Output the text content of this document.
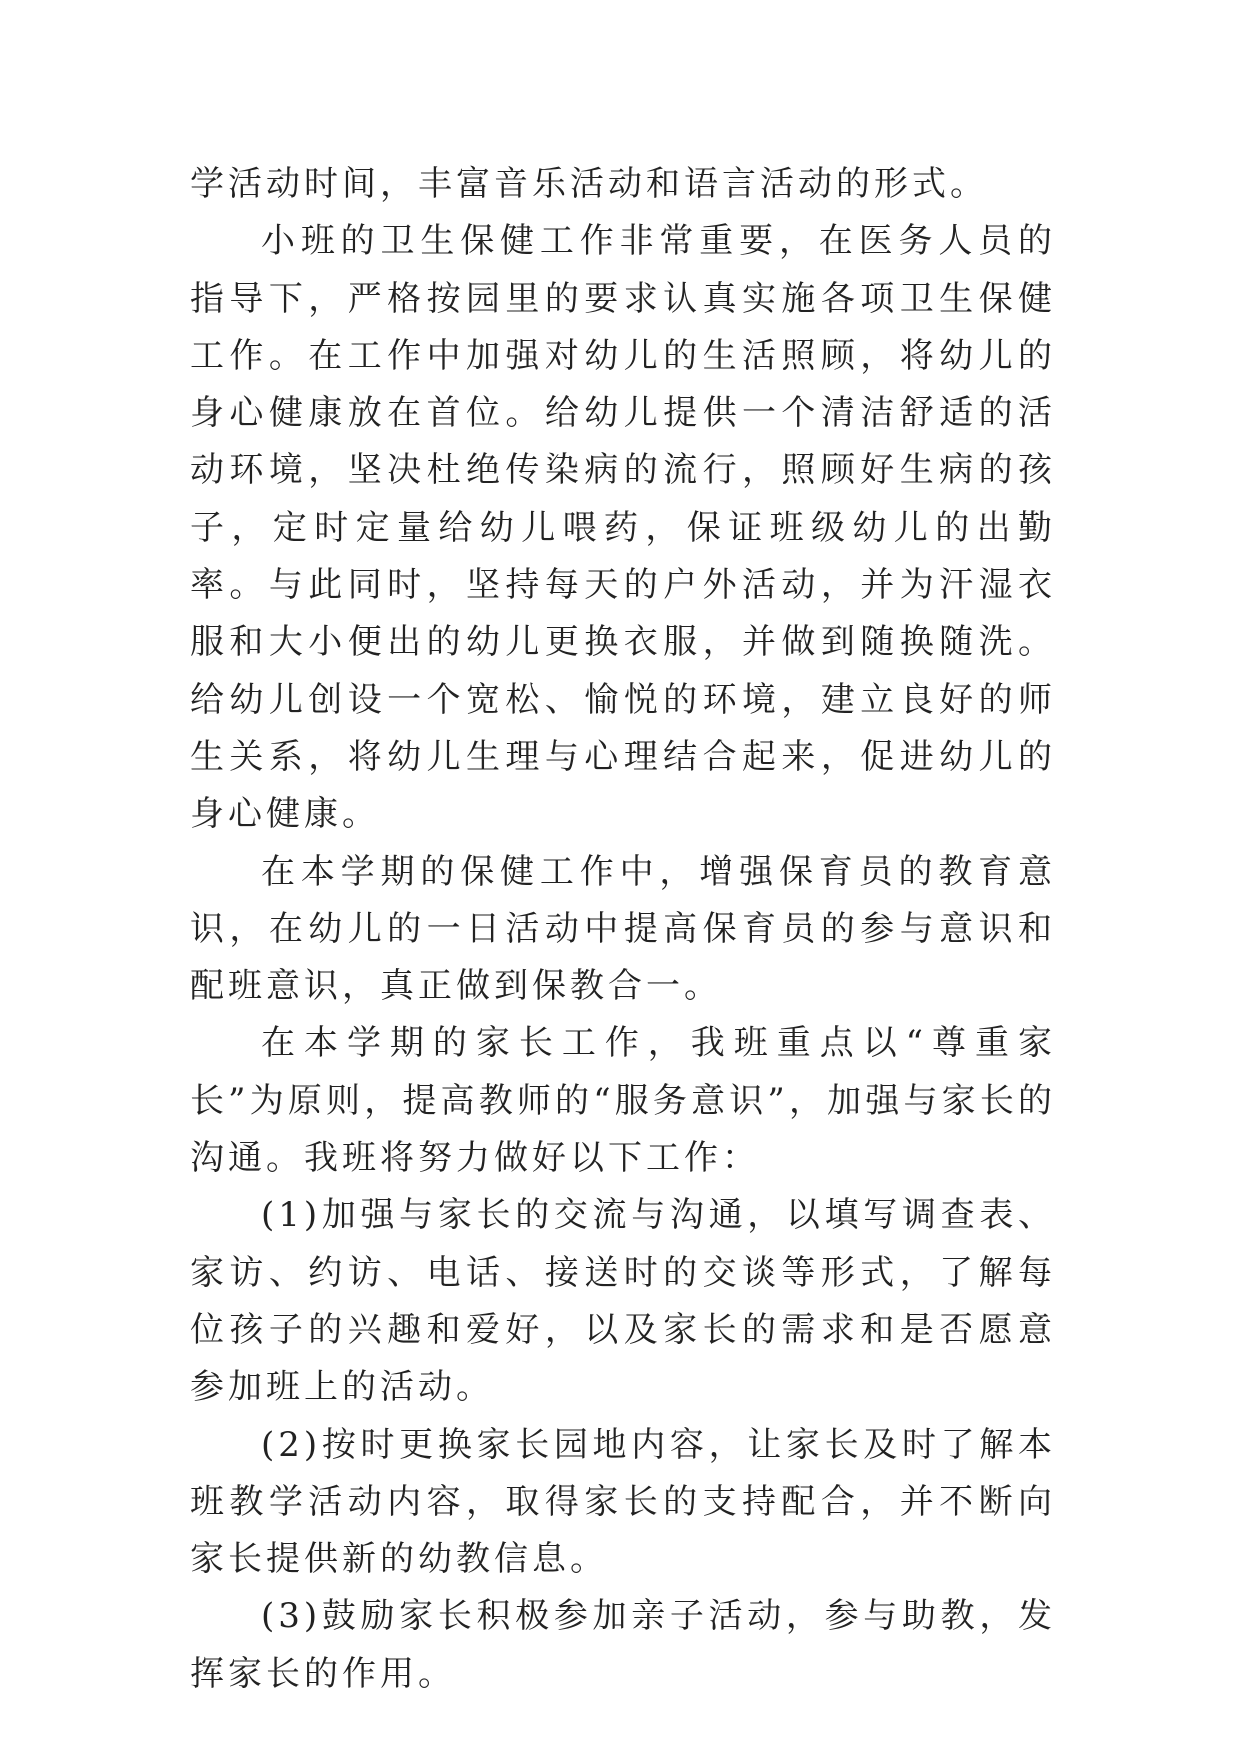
学活动时间，丰富音乐活动和语言活动的形式。

小班的卫生保健工作非常重要，在医务人员的指导下，严格按园里的要求认真实施各项卫生保健工作。在工作中加强对幼儿的生活照顾，将幼儿的身心健康放在首位。给幼儿提供一个清洁舒适的活动环境，坚决杜绝传染病的流行，照顾好生病的孩子，定时定量给幼儿喂药，保证班级幼儿的出勤率。与此同时，坚持每天的户外活动，并为汗湿衣服和大小便出的幼儿更换衣服，并做到随换随洗。给幼儿创设一个宽松、愉悦的环境，建立良好的师生关系，将幼儿生理与心理结合起来，促进幼儿的身心健康。

在本学期的保健工作中，增强保育员的教育意识，在幼儿的一日活动中提高保育员的参与意识和配班意识，真正做到保教合一。

在本学期的家长工作，我班重点以“尊重家长”为原则，提高教师的“服务意识”，加强与家长的沟通。我班将努力做好以下工作：

(1)加强与家长的交流与沟通，以填写调查表、家访、约访、电话、接送时的交谈等形式，了解每位孩子的兴趣和爱好，以及家长的需求和是否愿意参加班上的活动。

(2)按时更换家长园地内容，让家长及时了解本班教学活动内容，取得家长的支持配合，并不断向家长提供新的幼教信息。

(3)鼓励家长积极参加亲子活动，参与助教，发挥家长的作用。
